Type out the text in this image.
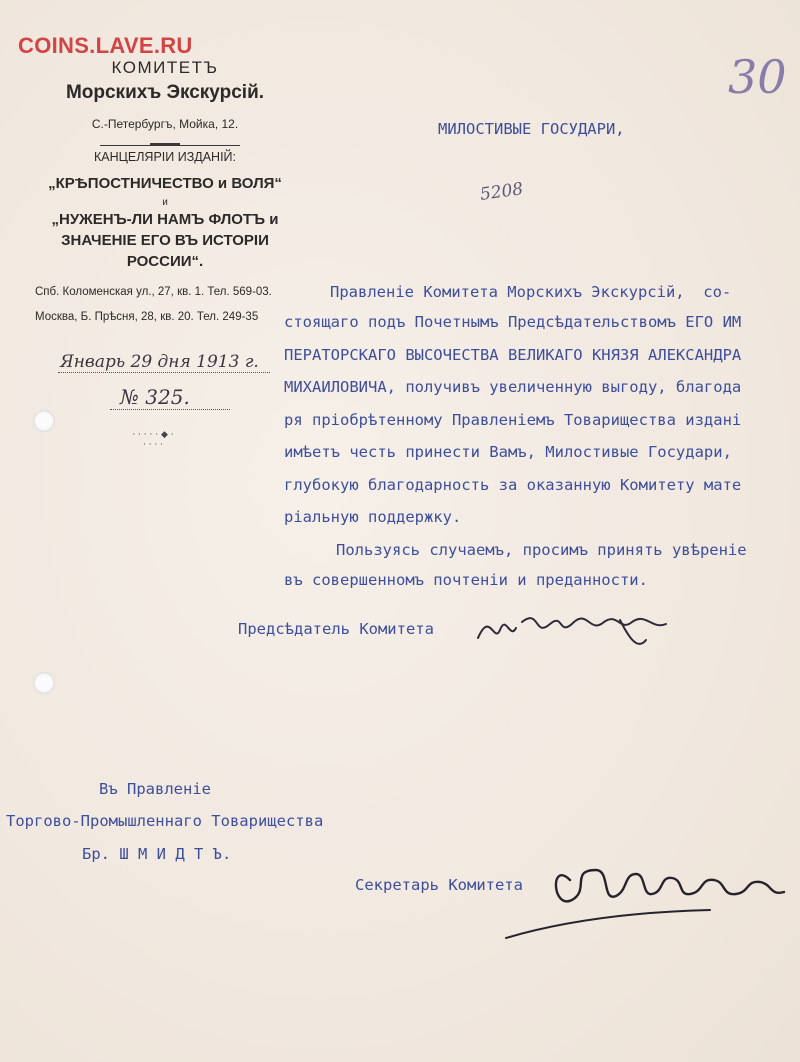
COINS.LAVE.RU
КОМИТЕТЪ
Морскихъ Экскурсій.
С.-Петербургъ, Мойка, 12.
КАНЦЕЛЯРІИ ИЗДАНІЙ:
„КРѢПОСТНИЧЕСТВО и ВОЛЯ“
и
„НУЖЕНЪ-ЛИ НАМЪ ФЛОТЪ и
ЗНАЧЕНІЕ ЕГО ВЪ ИСТОРІИ
РОССИИ“.
Спб. Коломенская ул., 27, кв. 1. Тел. 569-03.
Москва, Б. Прѣсня, 28, кв. 20. Тел. 249-35
Январь 29 дня 1913 г.
№ 325.
· · · · · ◆ · · · · ·
30
5208
МИЛОСТИВЫЕ ГОСУДАРИ,
Правленіе Комитета Морскихъ Экскурсій,  со-
стоящаго подъ Почетнымъ Предсѣдательствомъ ЕГО ИМ
ПЕРАТОРСКАГО ВЫСОЧЕСТВА ВЕЛИКАГО КНЯЗЯ АЛЕКСАНДРА
МИХАИЛОВИЧА, получивъ увеличенную выгоду, благода
ря пріобрѣтенному Правленіемъ Товарищества издані
имѣетъ честь принести Вамъ, Милостивые Государи,
глубокую благодарность за оказанную Комитету мате
ріальную поддержку.
Пользуясь случаемъ, просимъ принять увѣреніе
въ совершенномъ почтеніи и преданности.
Предсѣдатель Комитета
Въ Правленіе
Торгово-Промышленнаго Товарищества
Бр. Ш М И Д Т Ъ.
Секретарь Комитета
